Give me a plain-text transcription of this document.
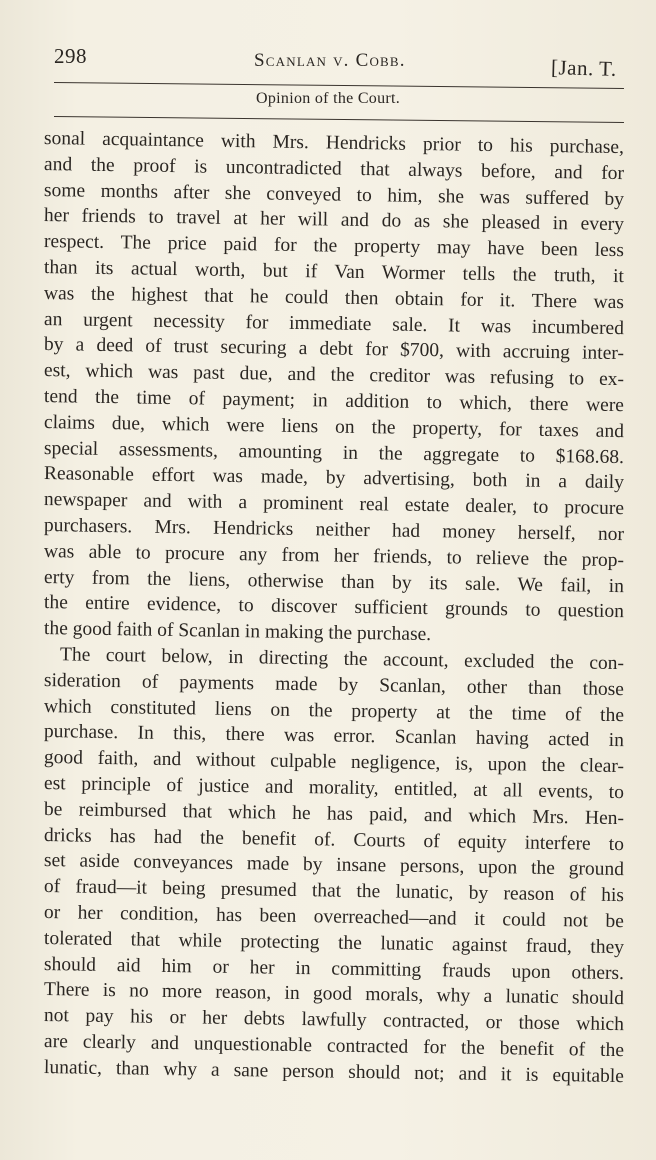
298	Scanlan v. Cobb.	[Jan. T.
Opinion of the Court.
sonal acquaintance with Mrs. Hendricks prior to his purchase,
and the proof is uncontradicted that always before, and for
some months after she conveyed to him, she was suffered by
her friends to travel at her will and do as she pleased in every
respect. The price paid for the property may have been less
than its actual worth, but if Van Wormer tells the truth, it
was the highest that he could then obtain for it. There was
an urgent necessity for immediate sale. It was incumbered
by a deed of trust securing a debt for $700, with accruing inter-
est, which was past due, and the creditor was refusing to ex-
tend the time of payment; in addition to which, there were
claims due, which were liens on the property, for taxes and
special assessments, amounting in the aggregate to $168.68.
Reasonable effort was made, by advertising, both in a daily
newspaper and with a prominent real estate dealer, to procure
purchasers. Mrs. Hendricks neither had money herself, nor
was able to procure any from her friends, to relieve the prop-
erty from the liens, otherwise than by its sale. We fail, in
the entire evidence, to discover sufficient grounds to question
the good faith of Scanlan in making the purchase.
The court below, in directing the account, excluded the con-
sideration of payments made by Scanlan, other than those
which constituted liens on the property at the time of the
purchase. In this, there was error. Scanlan having acted in
good faith, and without culpable negligence, is, upon the clear-
est principle of justice and morality, entitled, at all events, to
be reimbursed that which he has paid, and which Mrs. Hen-
dricks has had the benefit of. Courts of equity interfere to
set aside conveyances made by insane persons, upon the ground
of fraud—it being presumed that the lunatic, by reason of his
or her condition, has been overreached—and it could not be
tolerated that while protecting the lunatic against fraud, they
should aid him or her in committing frauds upon others.
There is no more reason, in good morals, why a lunatic should
not pay his or her debts lawfully contracted, or those which
are clearly and unquestionable contracted for the benefit of the
lunatic, than why a sane person should not; and it is equitable
